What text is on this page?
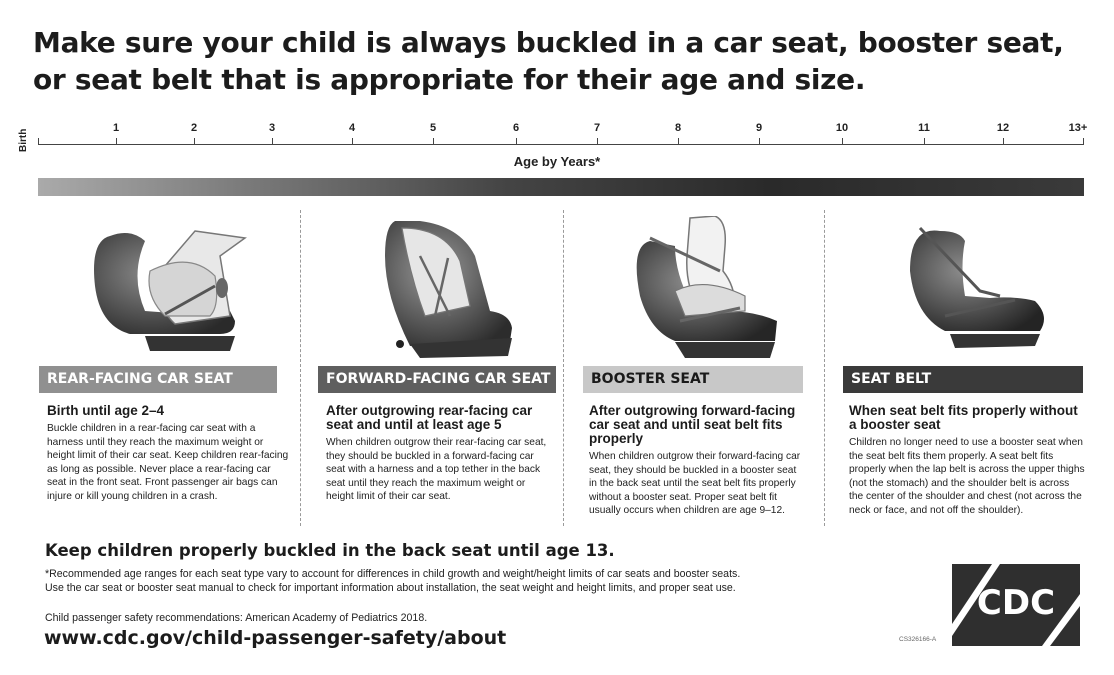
Make sure your child is always buckled in a car seat, booster seat, or seat belt that is appropriate for their age and size.
Birth
1	2	3	4	5	6	7	8	9	10	11	12	13+
Age by Years*
REAR-FACING CAR SEAT	FORWARD-FACING CAR SEAT	BOOSTER SEAT	SEAT BELT
Birth until age 2–4
Buckle children in a rear-facing car seat with a harness until they reach the maximum weight or height limit of their car seat. Keep children rear-facing as long as possible. Never place a rear-facing car seat in the front seat. Front passenger air bags can injure or kill young children in a crash.
After outgrowing rear-facing car seat and until at least age 5
When children outgrow their rear-facing car seat, they should be buckled in a forward-facing car seat with a harness and a top tether in the back seat until they reach the maximum weight or height limit of their car seat.
After outgrowing forward-facing car seat and until seat belt fits properly
When children outgrow their forward-facing car seat, they should be buckled in a booster seat in the back seat until the seat belt fits properly without a booster seat. Proper seat belt fit usually occurs when children are age 9–12.
When seat belt fits properly without a booster seat
Children no longer need to use a booster seat when the seat belt fits them properly. A seat belt fits properly when the lap belt is across the upper thighs (not the stomach) and the shoulder belt is across the center of the shoulder and chest (not across the neck or face, and not off the shoulder).
Keep children properly buckled in the back seat until age 13.
*Recommended age ranges for each seat type vary to account for differences in child growth and weight/height limits of car seats and booster seats.
Use the car seat or booster seat manual to check for important information about installation, the seat weight and height limits, and proper seat use.
Child passenger safety recommendations: American Academy of Pediatrics 2018.
www.cdc.gov/child-passenger-safety/about
CDC
CS326166-A
